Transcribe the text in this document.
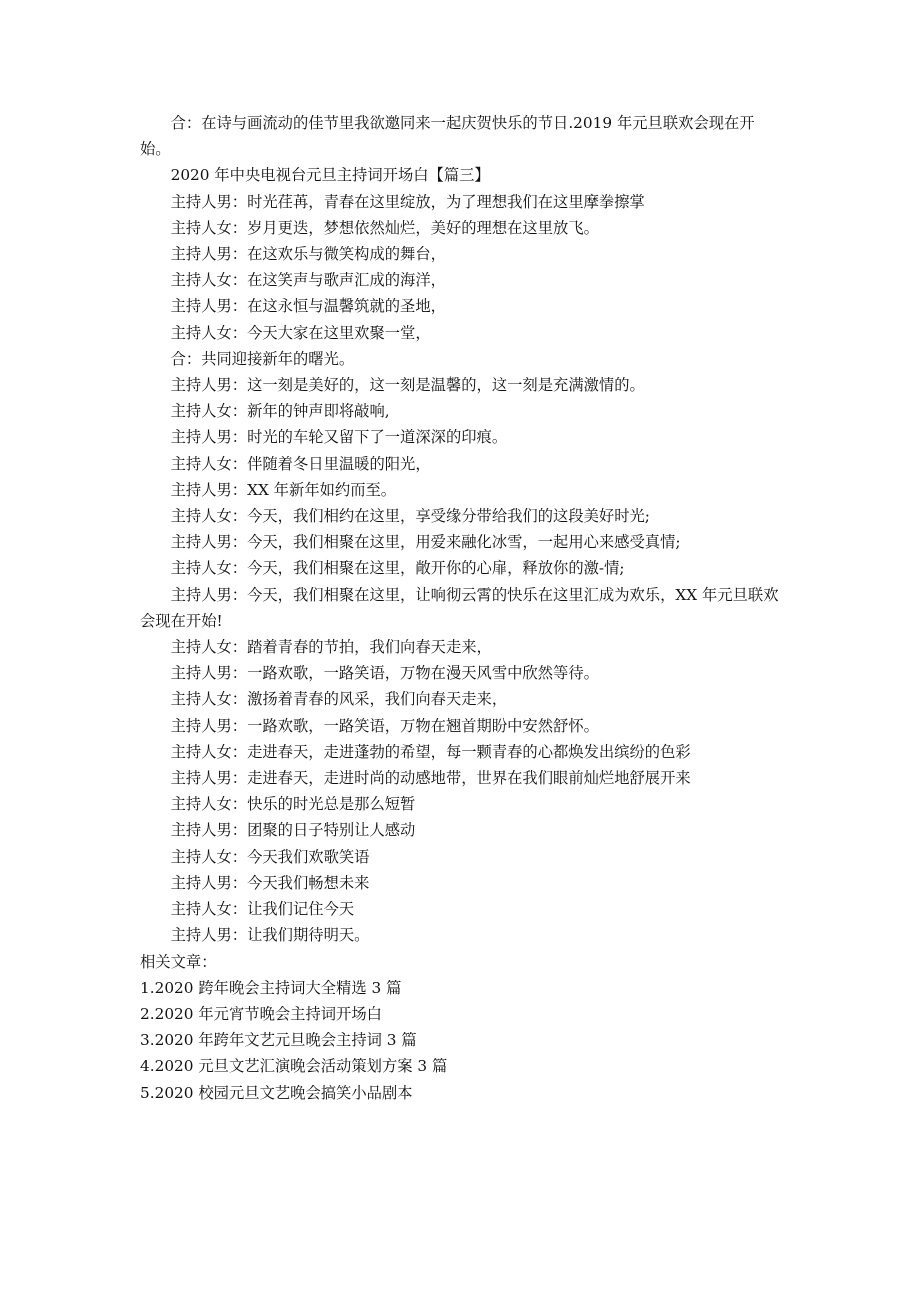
合：在诗与画流动的佳节里我欲邀同来一起庆贺快乐的节日.2019 年元旦联欢会现在开始。

2020 年中央电视台元旦主持词开场白【篇三】

主持人男：时光荏苒，青春在这里绽放，为了理想我们在这里摩拳擦掌
主持人女：岁月更迭，梦想依然灿烂，美好的理想在这里放飞。
主持人男：在这欢乐与微笑构成的舞台，
主持人女：在这笑声与歌声汇成的海洋，
主持人男：在这永恒与温馨筑就的圣地，
主持人女：今天大家在这里欢聚一堂，
合：共同迎接新年的曙光。
主持人男：这一刻是美好的，这一刻是温馨的，这一刻是充满激情的。
主持人女：新年的钟声即将敲响,
主持人男：时光的车轮又留下了一道深深的印痕。
主持人女：伴随着冬日里温暖的阳光，
主持人男：XX 年新年如约而至。
主持人女：今天，我们相约在这里，享受缘分带给我们的这段美好时光;
主持人男：今天，我们相聚在这里，用爱来融化冰雪，一起用心来感受真情;
主持人女：今天，我们相聚在这里，敞开你的心扉，释放你的激-情;
主持人男：今天，我们相聚在这里，让响彻云霄的快乐在这里汇成为欢乐，XX 年元旦联欢会现在开始!
主持人女：踏着青春的节拍，我们向春天走来，
主持人男：一路欢歌，一路笑语，万物在漫天风雪中欣然等待。
主持人女：激扬着青春的风采，我们向春天走来，
主持人男：一路欢歌，一路笑语，万物在翘首期盼中安然舒怀。
主持人女：走进春天，走进蓬勃的希望，每一颗青春的心都焕发出缤纷的色彩
主持人男：走进春天，走进时尚的动感地带，世界在我们眼前灿烂地舒展开来
主持人女：快乐的时光总是那么短暂
主持人男：团聚的日子特别让人感动
主持人女：今天我们欢歌笑语
主持人男：今天我们畅想未来
主持人女：让我们记住今天
主持人男：让我们期待明天。

相关文章：

1.2020 跨年晚会主持词大全精选 3 篇
2.2020 年元宵节晚会主持词开场白
3.2020 年跨年文艺元旦晚会主持词 3 篇
4.2020 元旦文艺汇演晚会活动策划方案 3 篇
5.2020 校园元旦文艺晚会搞笑小品剧本
